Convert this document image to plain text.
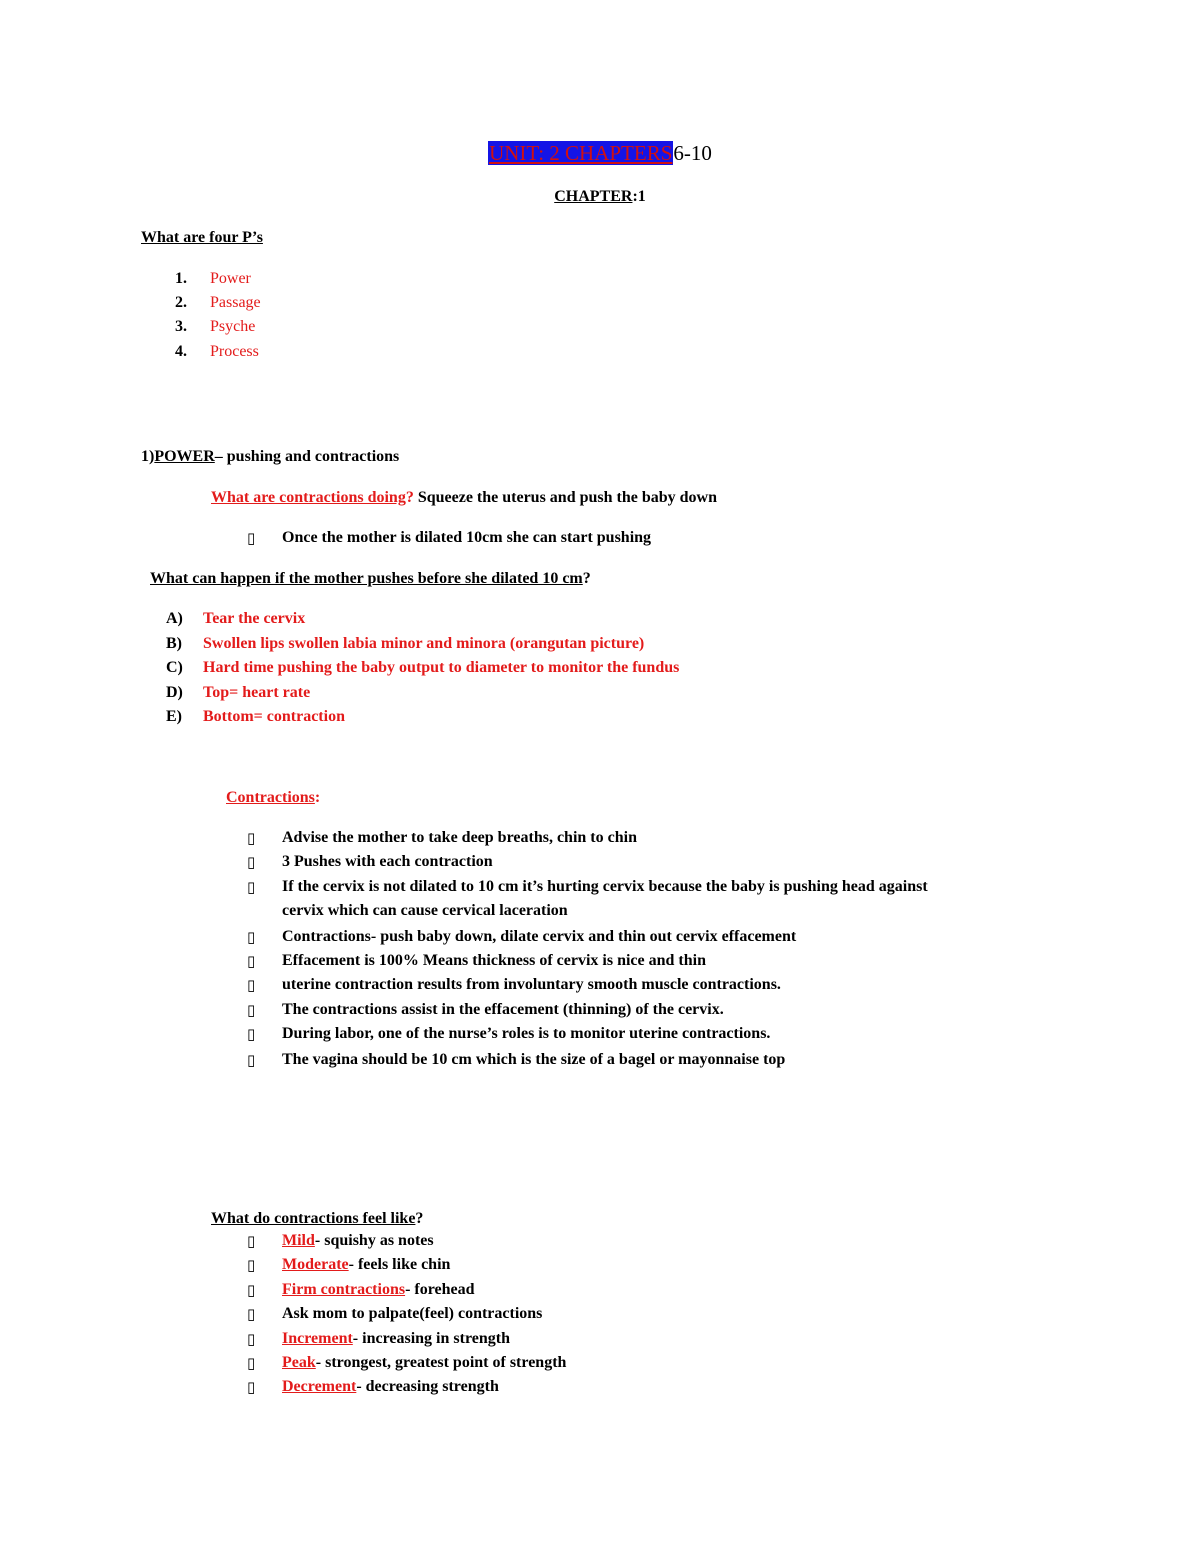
UNIT: 2 CHAPTERS6-10
CHAPTER:1
What are four P’s
1. Power
2. Passage
3. Psyche
4. Process
1)POWER– pushing and contractions
What are contractions doing? Squeeze the uterus and push the baby down
▯ Once the mother is dilated 10cm she can start pushing
What can happen if the mother pushes before she dilated 10 cm?
A) Tear the cervix
B) Swollen lips swollen labia minor and minora (orangutan picture)
C) Hard time pushing the baby output to diameter to monitor the fundus
D) Top= heart rate
E) Bottom= contraction
Contractions:
▯ Advise the mother to take deep breaths, chin to chin
▯ 3 Pushes with each contraction
▯ If the cervix is not dilated to 10 cm it’s hurting cervix because the baby is pushing head against
cervix which can cause cervical laceration
▯ Contractions- push baby down, dilate cervix and thin out cervix effacement
▯ Effacement is 100% Means thickness of cervix is nice and thin
▯ uterine contraction results from involuntary smooth muscle contractions.
▯ The contractions assist in the effacement (thinning) of the cervix.
▯ During labor, one of the nurse’s roles is to monitor uterine contractions.
▯ The vagina should be 10 cm which is the size of a bagel or mayonnaise top
What do contractions feel like?
▯ Mild- squishy as notes
▯ Moderate- feels like chin
▯ Firm contractions- forehead
▯ Ask mom to palpate(feel) contractions
▯ Increment- increasing in strength
▯ Peak- strongest, greatest point of strength
▯ Decrement- decreasing strength
